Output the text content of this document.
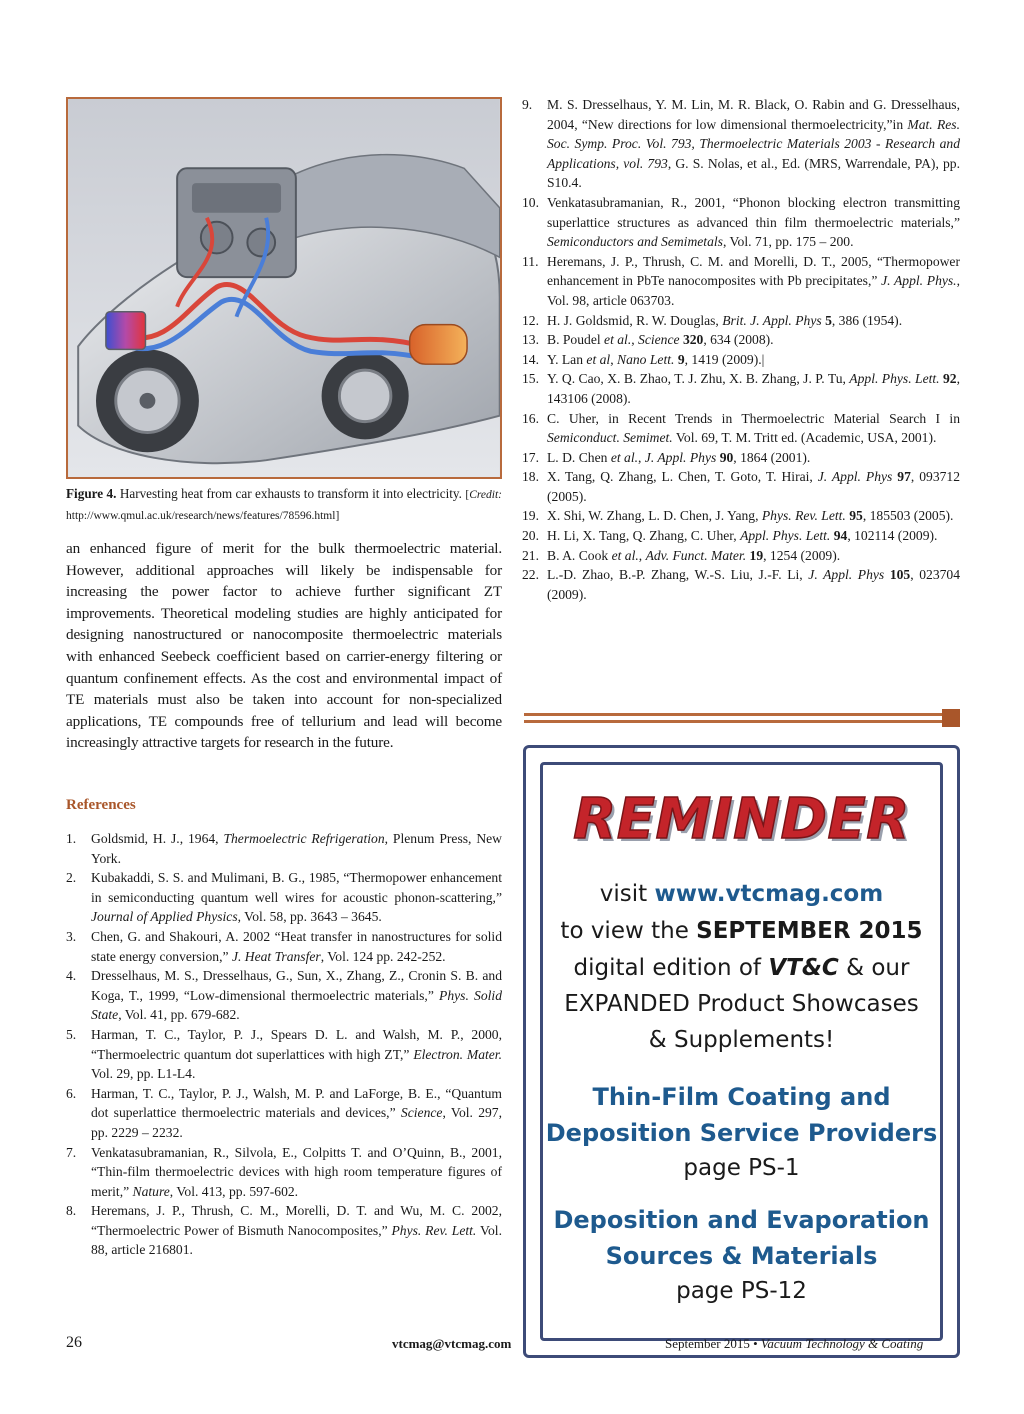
Figure 4. Harvesting heat from car exhausts to transform it into electricity. [Credit: http://www.qmul.ac.uk/research/news/features/78596.html]

an enhanced figure of merit for the bulk thermoelectric material. However, additional approaches will likely be indispensable for increasing the power factor to achieve further significant ZT improvements. Theoretical modeling studies are highly anticipated for designing nanostructured or nanocomposite thermoelectric materials with enhanced Seebeck coefficient based on carrier-energy filtering or quantum confinement effects. As the cost and environmental impact of TE materials must also be taken into account for non-specialized applications, TE compounds free of tellurium and lead will become increasingly attractive targets for research in the future.

References
1. Goldsmid, H. J., 1964, Thermoelectric Refrigeration, Plenum Press, New York.
2. Kubakaddi, S. S. and Mulimani, B. G., 1985, “Thermopower enhancement in semiconducting quantum well wires for acoustic phonon-scattering,” Journal of Applied Physics, Vol. 58, pp. 3643 – 3645.
3. Chen, G. and Shakouri, A. 2002 “Heat transfer in nanostructures for solid state energy conversion,” J. Heat Transfer, Vol. 124 pp. 242-252.
4. Dresselhaus, M. S., Dresselhaus, G., Sun, X., Zhang, Z., Cronin S. B. and Koga, T., 1999, “Low-dimensional thermoelectric materials,” Phys. Solid State, Vol. 41, pp. 679-682.
5. Harman, T. C., Taylor, P. J., Spears D. L. and Walsh, M. P., 2000, “Thermoelectric quantum dot superlattices with high ZT,” Electron. Mater. Vol. 29, pp. L1-L4.
6. Harman, T. C., Taylor, P. J., Walsh, M. P. and LaForge, B. E., “Quantum dot superlattice thermoelectric materials and devices,” Science, Vol. 297, pp. 2229 – 2232.
7. Venkatasubramanian, R., Silvola, E., Colpitts T. and O’Quinn, B., 2001, “Thin-film thermoelectric devices with high room temperature figures of merit,” Nature, Vol. 413, pp. 597-602.
8. Heremans, J. P., Thrush, C. M., Morelli, D. T. and Wu, M. C. 2002, “Thermoelectric Power of Bismuth Nanocomposites,” Phys. Rev. Lett. Vol. 88, article 216801.
9. M. S. Dresselhaus, Y. M. Lin, M. R. Black, O. Rabin and G. Dresselhaus, 2004, “New directions for low dimensional thermoelectricity,”in Mat. Res. Soc. Symp. Proc. Vol. 793, Thermoelectric Materials 2003 - Research and Applications, vol. 793, G. S. Nolas, et al., Ed. (MRS, Warrendale, PA), pp. S10.4.
10. Venkatasubramanian, R., 2001, “Phonon blocking electron transmitting superlattice structures as advanced thin film thermoelectric materials,” Semiconductors and Semimetals, Vol. 71, pp. 175 – 200.
11. Heremans, J. P., Thrush, C. M. and Morelli, D. T., 2005, “Thermopower enhancement in PbTe nanocomposites with Pb precipitates,” J. Appl. Phys., Vol. 98, article 063703.
12. H. J. Goldsmid, R. W. Douglas, Brit. J. Appl. Phys 5, 386 (1954).
13. B. Poudel et al., Science 320, 634 (2008).
14. Y. Lan et al, Nano Lett. 9, 1419 (2009).|
15. Y. Q. Cao, X. B. Zhao, T. J. Zhu, X. B. Zhang, J. P. Tu, Appl. Phys. Lett. 92, 143106 (2008).
16. C. Uher, in Recent Trends in Thermoelectric Material Search I in Semiconduct. Semimet. Vol. 69, T. M. Tritt ed. (Academic, USA, 2001).
17. L. D. Chen et al., J. Appl. Phys 90, 1864 (2001).
18. X. Tang, Q. Zhang, L. Chen, T. Goto, T. Hirai, J. Appl. Phys 97, 093712 (2005).
19. X. Shi, W. Zhang, L. D. Chen, J. Yang, Phys. Rev. Lett. 95, 185503 (2005).
20. H. Li, X. Tang, Q. Zhang, C. Uher, Appl. Phys. Lett. 94, 102114 (2009).
21. B. A. Cook et al., Adv. Funct. Mater. 19, 1254 (2009).
22. L.-D. Zhao, B.-P. Zhang, W.-S. Liu, J.-F. Li, J. Appl. Phys 105, 023704 (2009).
REMINDER
visit www.vtcmag.com
to view the SEPTEMBER 2015
digital edition of VT&C & our
EXPANDED Product Showcases
& Supplements!
Thin-Film Coating and
Deposition Service Providers
page PS-1
Deposition and Evaporation
Sources & Materials
page PS-12
26	vtcmag@vtcmag.com	September 2015 • Vacuum Technology & Coating
